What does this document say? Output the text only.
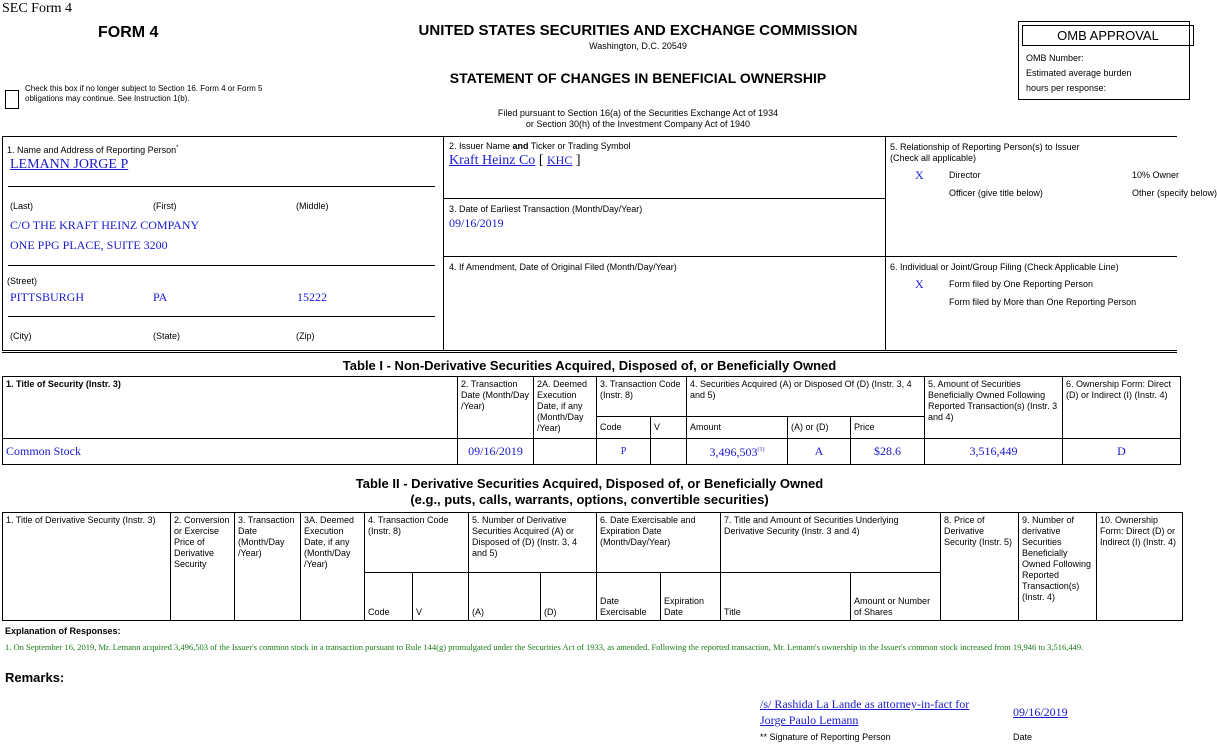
SEC Form 4
FORM 4
Check this box if no longer subject to Section 16. Form 4 or Form 5 obligations may continue. See Instruction 1(b).
UNITED STATES SECURITIES AND EXCHANGE COMMISSION
Washington, D.C. 20549
STATEMENT OF CHANGES IN BENEFICIAL OWNERSHIP
Filed pursuant to Section 16(a) of the Securities Exchange Act of 1934
or Section 30(h) of the Investment Company Act of 1940
OMB APPROVAL
OMB Number:
Estimated average burden
hours per response:
1. Name and Address of Reporting Person*
LEMANN JORGE P
(Last)	(First)	(Middle)
C/O THE KRAFT HEINZ COMPANY
ONE PPG PLACE, SUITE 3200
(Street)
PITTSBURGH	PA	15222
(City)	(State)	(Zip)
2. Issuer Name and Ticker or Trading Symbol
Kraft Heinz Co [ KHC ]
3. Date of Earliest Transaction (Month/Day/Year)
09/16/2019
4. If Amendment, Date of Original Filed (Month/Day/Year)
5. Relationship of Reporting Person(s) to Issuer
(Check all applicable)
X	Director	10% Owner
Officer (give title below)	Other (specify below)
6. Individual or Joint/Group Filing (Check Applicable Line)
X	Form filed by One Reporting Person
Form filed by More than One Reporting Person
Table I - Non-Derivative Securities Acquired, Disposed of, or Beneficially Owned
1. Title of Security (Instr. 3)	2. Transaction Date (Month/Day /Year)	2A. Deemed Execution Date, if any (Month/Day /Year)	3. Transaction Code (Instr. 8)		4. Securities Acquired (A) or Disposed Of (D) (Instr. 3, 4 and 5)			5. Amount of Securities Beneficially Owned Following Reported Transaction(s) (Instr. 3 and 4)	6. Ownership Form: Direct (D) or Indirect (I) (Instr. 4)
			Code	V	Amount	(A) or (D)	Price		
Common Stock	09/16/2019		P		3,496,503$^{(1)}$	A	$28.6	3,516,449	D
Table II - Derivative Securities Acquired, Disposed of, or Beneficially Owned
(e.g., puts, calls, warrants, options, convertible securities)
1. Title of Derivative Security (Instr. 3)	2. Conversion or Exercise Price of Derivative Security	3. Transaction Date (Month/Day /Year)	3A. Deemed Execution Date, if any (Month/Day /Year)	4. Transaction Code (Instr. 8)		5. Number of Derivative Securities Acquired (A) or Disposed of (D) (Instr. 3, 4 and 5)		6. Date Exercisable and Expiration Date (Month/Day/Year)		7. Title and Amount of Securities Underlying Derivative Security (Instr. 3 and 4)		8. Price of Derivative Security (Instr. 5)	9. Number of derivative Securities Beneficially Owned Following Reported Transaction(s) (Instr. 4)	10. Ownership Form: Direct (D) or Indirect (I) (Instr. 4)
				Code	V	(A)	(D)	Date Exercisable	Expiration Date	Title	Amount or Number of Shares			
Explanation of Responses:
1. On September 16, 2019, Mr. Lemann acquired 3,496,503 of the Issuer's common stock in a transaction pursuant to Rule 144(g) promulgated under the Securities Act of 1933, as amended. Following the reported transaction, Mr. Lemann's ownership in the Issuer's common stock increased from 19,946 to 3,516,449.
Remarks:
/s/ Rashida La Lande as attorney-in-fact for
Jorge Paulo Lemann
09/16/2019
** Signature of Reporting Person	Date
